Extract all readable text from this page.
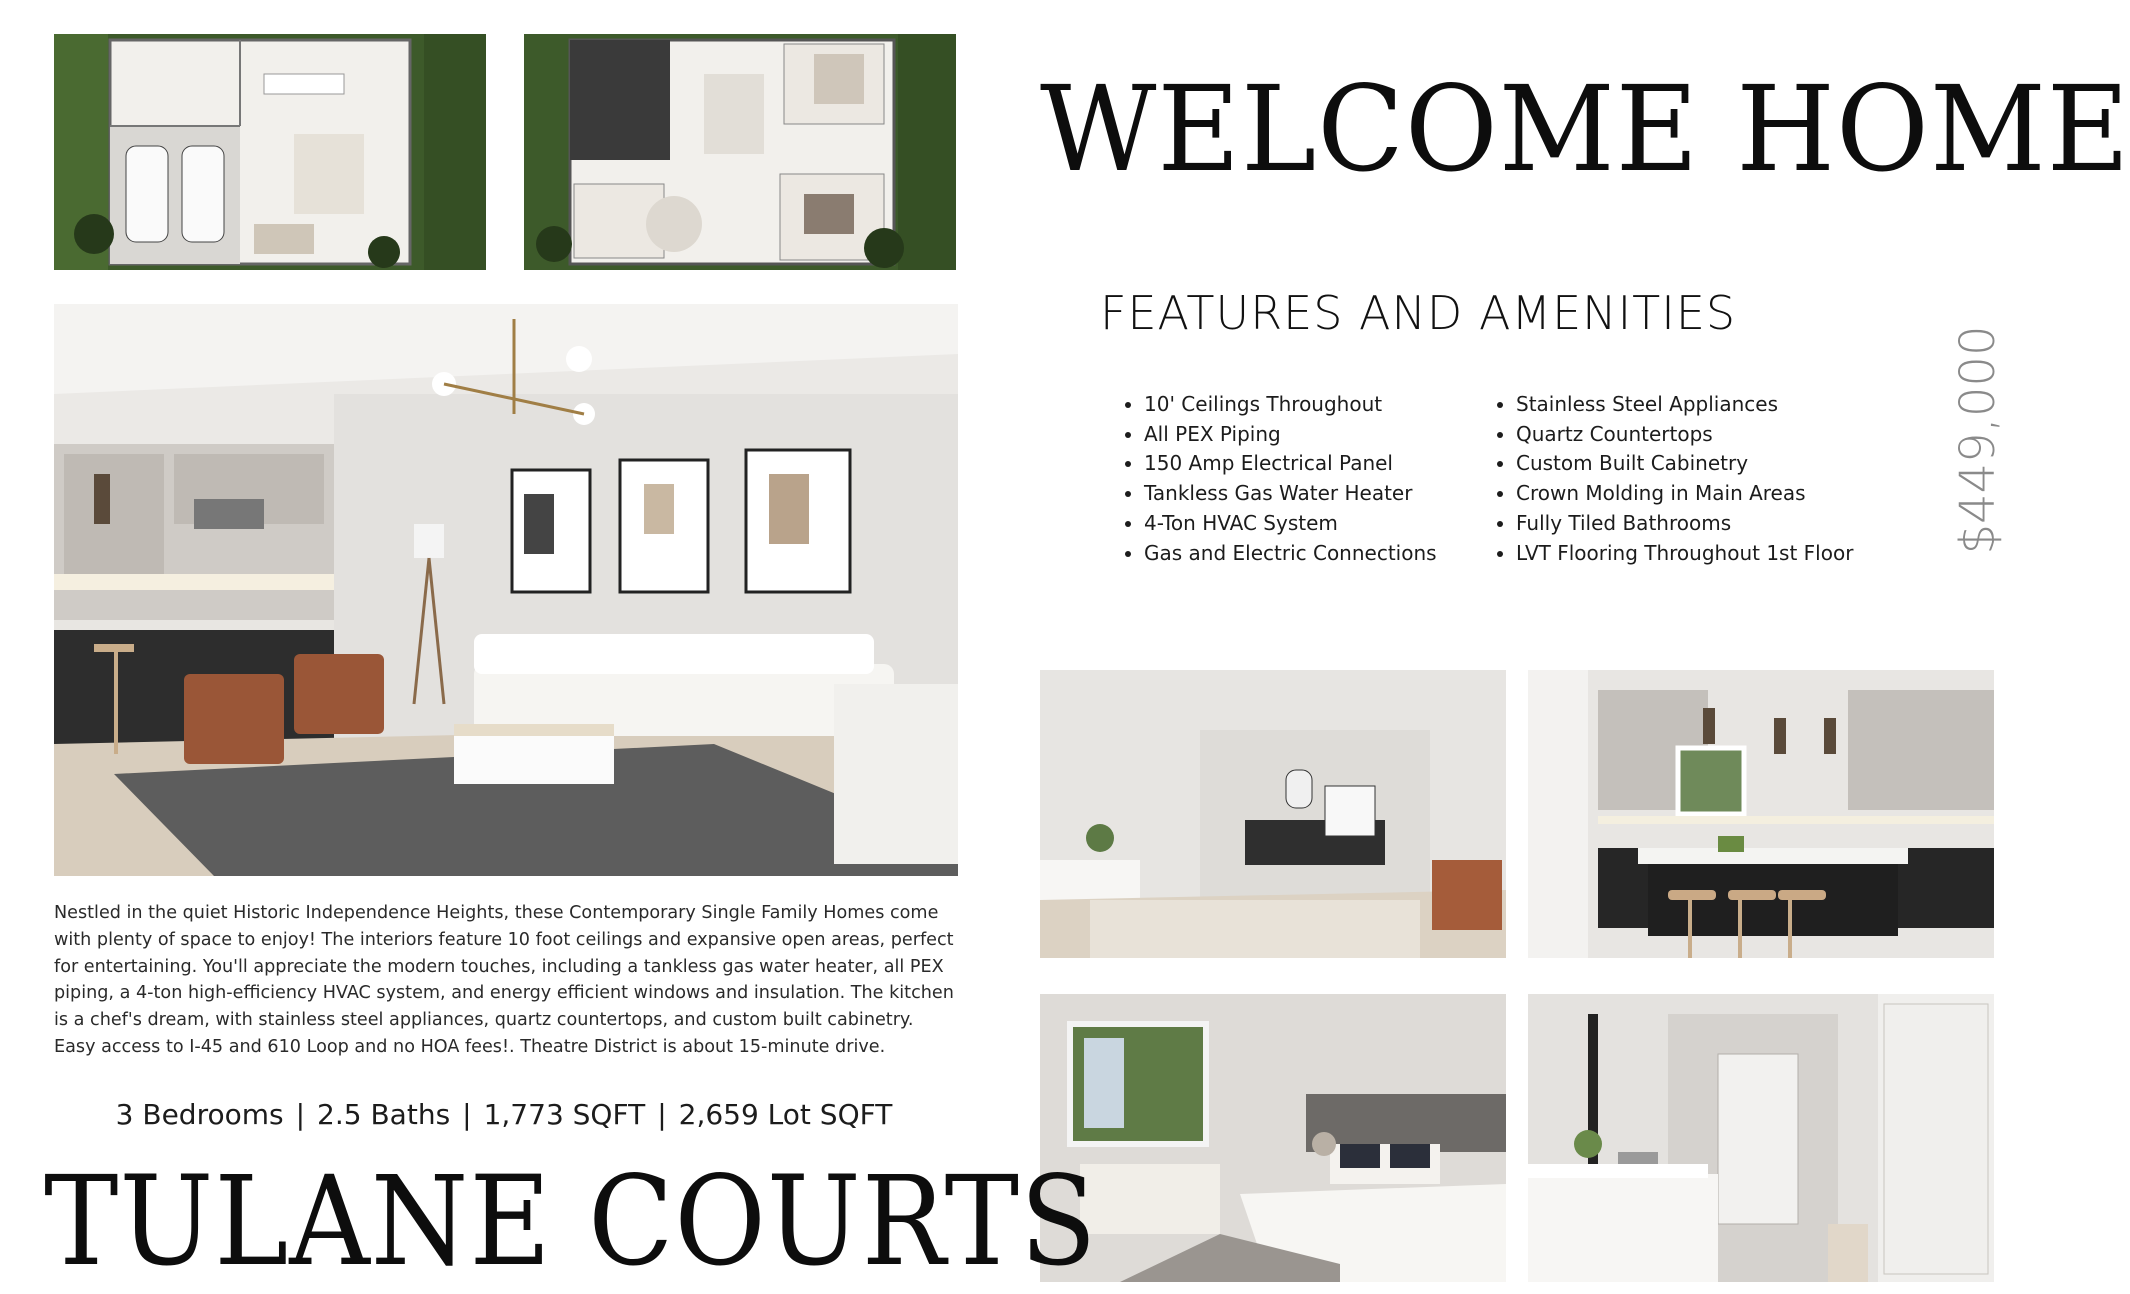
WELCOME HOME
FEATURES AND AMENITIES
• 10' Ceilings Throughout
• All PEX Piping
• 150 Amp Electrical Panel
• Tankless Gas Water Heater
• 4-Ton HVAC System
• Gas and Electric Connections
• Stainless Steel Appliances
• Quartz Countertops
• Custom Built Cabinetry
• Crown Molding in Main Areas
• Fully Tiled Bathrooms
• LVT Flooring Throughout 1st Floor $449,000
Nestled in the quiet Historic Independence Heights, these Contemporary Single Family Homes come with plenty of space to enjoy! The interiors feature 10 foot ceilings and expansive open areas, perfect for entertaining. You'll appreciate the modern touches, including a tankless gas water heater, all PEX piping, a 4-ton high-efficiency HVAC system, and energy efficient windows and insulation. The kitchen is a chef's dream, with stainless steel appliances, quartz countertops, and custom built cabinetry. Easy access to I-45 and 610 Loop and no HOA fees!. Theatre District is about 15-minute drive.
3 Bedrooms | 2.5 Baths | 1,773 SQFT | 2,659 Lot SQFT
TULANE COURTS
